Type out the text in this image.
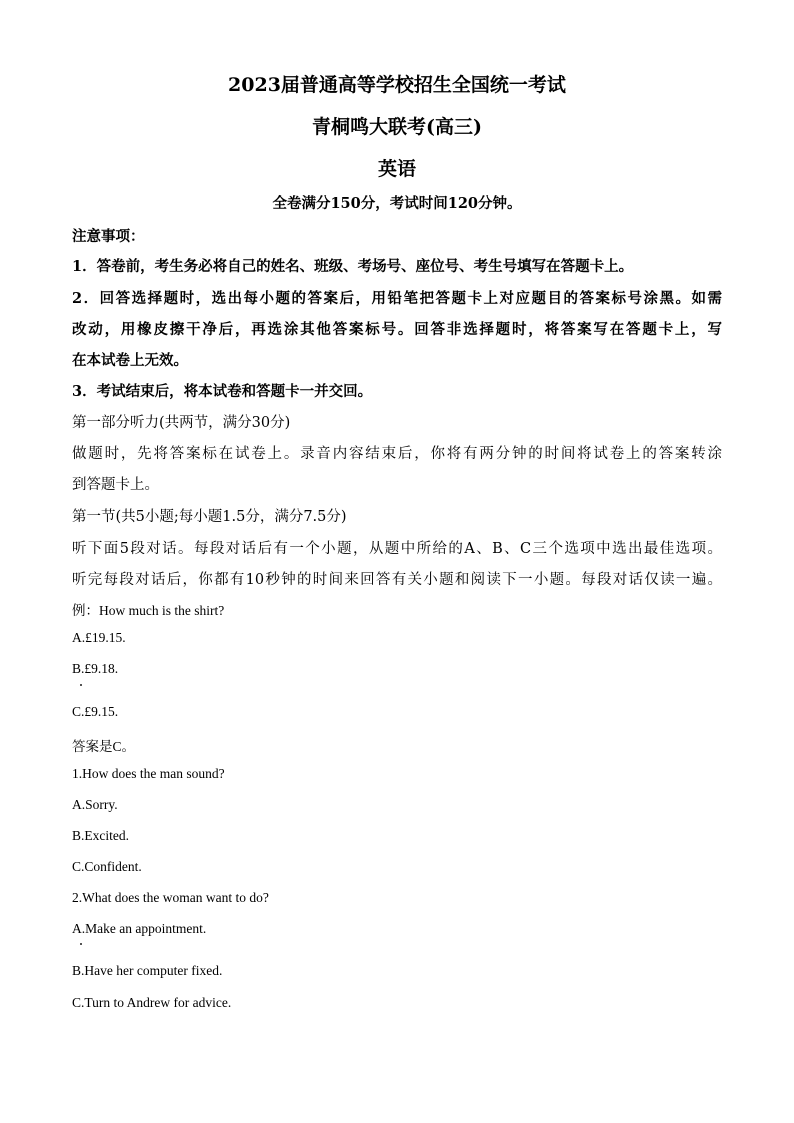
2023届普通高等学校招生全国统一考试
青桐鸣大联考(高三)
英语
全卷满分150分，考试时间120分钟。
注意事项：
1．答卷前，考生务必将自己的姓名、班级、考场号、座位号、考生号填写在答题卡上。
2．回答选择题时，选出每小题的答案后，用铅笔把答题卡上对应题目的答案标号涂黑。如需
改动，用橡皮擦干净后，再选涂其他答案标号。回答非选择题时，将答案写在答题卡上，写
在本试卷上无效。
3．考试结束后，将本试卷和答题卡一并交回。
第一部分听力(共两节，满分30分)
做题时，先将答案标在试卷上。录音内容结束后，你将有两分钟的时间将试卷上的答案转涂
到答题卡上。
第一节(共5小题;每小题1.5分，满分7.5分)
听下面5段对话。每段对话后有一个小题，从题中所给的A、B、C三个选项中选出最佳选项。
听完每段对话后，你都有10秒钟的时间来回答有关小题和阅读下一小题。每段对话仅读一遍。
例：How much is the shirt?
A.£19.15.
B.£9.18.
C.£9.15.
答案是C。
1.How does the man sound?
A.Sorry.
B.Excited.
C.Confident.
2.What does the woman want to do?
A.Make an appointment.
B.Have her computer fixed.
C.Turn to Andrew for advice.
